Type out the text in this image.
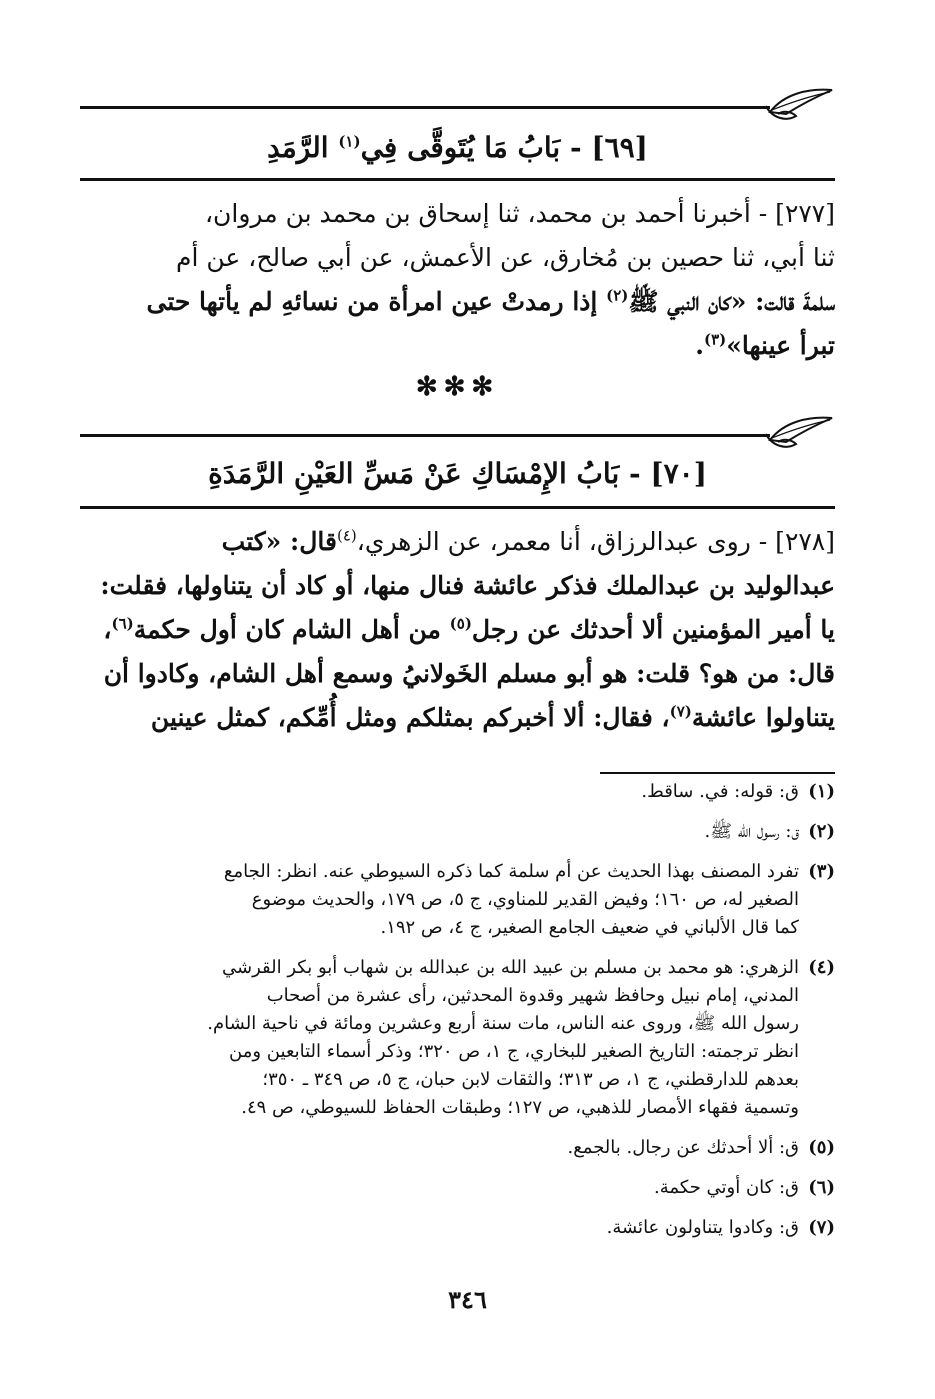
[٦٩] - بَابُ مَا يُتَوقَّى فِي$^{(١)}$ الرَّمَدِ

[٢٧٧] - أخبرنا أحمد بن محمد، ثنا إسحاق بن محمد بن مروان،

ثنا أبي، ثنا حصين بن مُخارق، عن الأعمش، عن أبي صالح، عن أم

سلمةَ قالت: «كان النبي ﷺ$^{(٢)}$ إذا رمدتْ عين امرأة من نسائهِ لم يأتها حتى

تبرأ عينها»$^{(٣)}$.

✻✻✻
[٧٠] - بَابُ الإِمْسَاكِ عَنْ مَسِّ العَيْنِ الرَّمَدَةِ

[٢٧٨] - روى عبدالرزاق، أنا معمر، عن الزهري،$^{(٤)}$قال: «كتب

عبدالوليد بن عبدالملك فذكر عائشة فنال منها، أو كاد أن يتناولها، فقلت:

يا أمير المؤمنين ألا أحدثك عن رجل$^{(٥)}$ من أهل الشام كان أول حكمة$^{(٦)}$،

قال: من هو؟ قلت: هو أبو مسلم الخَولانيُ وسمع أهل الشام، وكادوا أن

يتناولوا عائشة$^{(٧)}$، فقال: ألا أخبركم بمثلكم ومثل أُمِّكم، كمثل عينين

(١)
ق: قوله: في. ساقط.
(٢)
ق: رسول الله ﷺ.
(٣)
تفرد المصنف بهذا الحديث عن أم سلمة كما ذكره السيوطي عنه. انظر: الجامع
الصغير له، ص ١٦٠؛ وفيض القدير للمناوي، ج ٥، ص ١٧٩، والحديث موضوع
كما قال الألباني في ضعيف الجامع الصغير، ج ٤، ص ١٩٢.
(٤)
الزهري: هو محمد بن مسلم بن عبيد الله بن عبدالله بن شهاب أبو بكر القرشي
المدني، إمام نبيل وحافظ شهير وقدوة المحدثين، رأى عشرة من أصحاب
رسول الله ﷺ، وروى عنه الناس، مات سنة أربع وعشرين ومائة في ناحية الشام.
انظر ترجمته: التاريخ الصغير للبخاري، ج ١، ص ٣٢٠؛ وذكر أسماء التابعين ومن
بعدهم للدارقطني، ج ١، ص ٣١٣؛ والثقات لابن حبان، ج ٥، ص ٣٤٩ ـ ٣٥٠؛
وتسمية فقهاء الأمصار للذهبي، ص ١٢٧؛ وطبقات الحفاظ للسيوطي، ص ٤٩.
(٥)
ق: ألا أحدثك عن رجال. بالجمع.
(٦)
ق: كان أوتي حكمة.
(٧)
ق: وكادوا يتناولون عائشة.
٣٤٦
